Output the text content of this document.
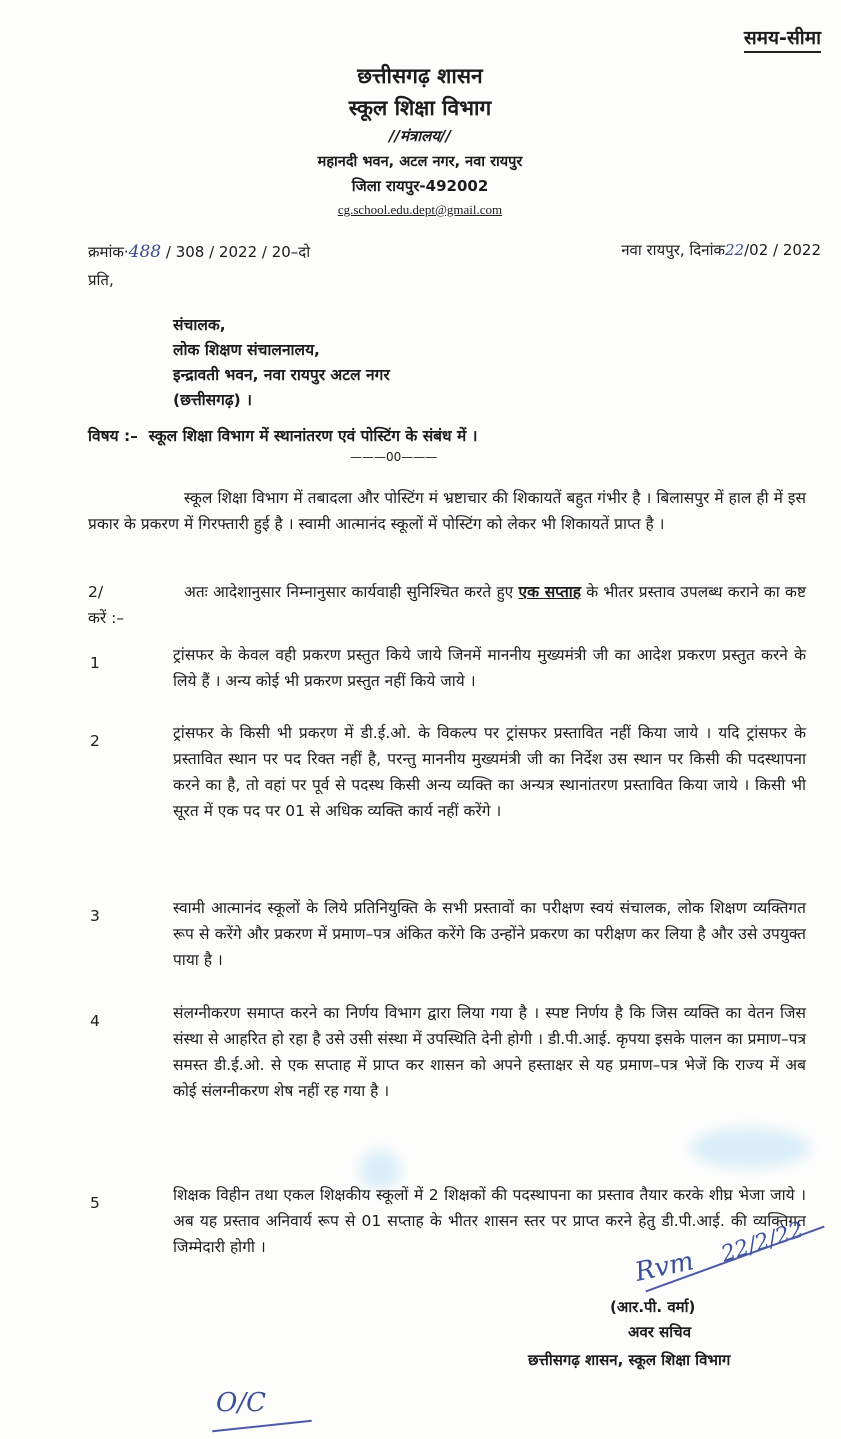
समय-सीमा
छत्तीसगढ़ शासन
स्कूल शिक्षा विभाग
//मंत्रालय//
महानदी भवन, अटल नगर, नवा रायपुर
जिला रायपुर-492002
cg.school.edu.dept@gmail.com
क्रमांक·488 / 308 / 2022 / 20–दो	नवा रायपुर, दिनांक22/02 / 2022
प्रति,
संचालक,
लोक शिक्षण संचालनालय,
इन्द्रावती भवन, नवा रायपुर अटल नगर
(छत्तीसगढ़) ।
विषय :– स्कूल शिक्षा विभाग में स्थानांतरण एवं पोस्टिंग के संबंध में ।
———00———
स्कूल शिक्षा विभाग में तबादला और पोस्टिंग मं भ्रष्टाचार की शिकायतें बहुत गंभीर है । बिलासपुर में हाल ही में इस प्रकार के प्रकरण में गिरफ्तारी हुई है । स्वामी आत्मानंद स्कूलों में पोस्टिंग को लेकर भी शिकायतें प्राप्त है ।
2/	अतः आदेशानुसार निम्नानुसार कार्यवाही सुनिश्चित करते हुए एक सप्ताह के भीतर प्रस्ताव उपलब्ध कराने का कष्ट करें :–
1	ट्रांसफर के केवल वही प्रकरण प्रस्तुत किये जाये जिनमें माननीय मुख्यमंत्री जी का आदेश प्रकरण प्रस्तुत करने के लिये हैं । अन्य कोई भी प्रकरण प्रस्तुत नहीं किये जाये ।
2	ट्रांसफर के किसी भी प्रकरण में डी.ई.ओ. के विकल्प पर ट्रांसफर प्रस्तावित नहीं किया जाये । यदि ट्रांसफर के प्रस्तावित स्थान पर पद रिक्त नहीं है, परन्तु माननीय मुख्यमंत्री जी का निर्देश उस स्थान पर किसी की पदस्थापना करने का है, तो वहां पर पूर्व से पदस्थ किसी अन्य व्यक्ति का अन्यत्र स्थानांतरण प्रस्तावित किया जाये । किसी भी सूरत में एक पद पर 01 से अधिक व्यक्ति कार्य नहीं करेंगे ।
3	स्वामी आत्मानंद स्कूलों के लिये प्रतिनियुक्ति के सभी प्रस्तावों का परीक्षण स्वयं संचालक, लोक शिक्षण व्यक्तिगत रूप से करेंगे और प्रकरण में प्रमाण–पत्र अंकित करेंगे कि उन्होंने प्रकरण का परीक्षण कर लिया है और उसे उपयुक्त पाया है ।
4	संलग्नीकरण समाप्त करने का निर्णय विभाग द्वारा लिया गया है । स्पष्ट निर्णय है कि जिस व्यक्ति का वेतन जिस संस्था से आहरित हो रहा है उसे उसी संस्था में उपस्थिति देनी होगी । डी.पी.आई. कृपया इसके पालन का प्रमाण–पत्र समस्त डी.ई.ओ. से एक सप्ताह में प्राप्त कर शासन को अपने हस्ताक्षर से यह प्रमाण–पत्र भेजें कि राज्य में अब कोई संलग्नीकरण शेष नहीं रह गया है ।
5	शिक्षक विहीन तथा एकल शिक्षकीय स्कूलों में 2 शिक्षकों की पदस्थापना का प्रस्ताव तैयार करके शीघ्र भेजा जाये । अब यह प्रस्ताव अनिवार्य रूप से 01 सप्ताह के भीतर शासन स्तर पर प्राप्त करने हेतु डी.पी.आई. की व्यक्तिगत जिम्मेदारी होगी ।	Rvm 22/2/22
(आर.पी. वर्मा)
अवर सचिव
छत्तीसगढ़ शासन, स्कूल शिक्षा विभाग
O/C
